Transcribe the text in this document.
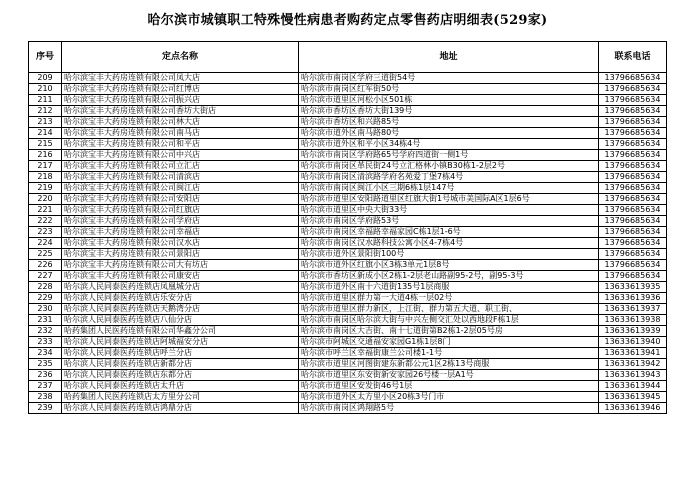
哈尔滨市城镇职工特殊慢性病患者购药定点零售药店明细表(529家)
序号	定点名称	地址	联系电话
209	哈尔滨宝丰大药房连锁有限公司凤大店	哈尔滨市南岗区学府三道街54号	13796685634
210	哈尔滨宝丰大药房连锁有限公司红博店	哈尔滨市南岗区红军街50号	13796685634
211	哈尔滨宝丰大药房连锁有限公司振兴店	哈尔滨市道里区河松小区501栋	13796685634
212	哈尔滨宝丰大药房连锁有限公司香坊大街店	哈尔滨市香坊区香坊大街139号	13796685634
213	哈尔滨宝丰大药房连锁有限公司林大店	哈尔滨市香坊区和兴路85号	13796685634
214	哈尔滨宝丰大药房连锁有限公司南马店	哈尔滨市道外区南马路80号	13796685634
215	哈尔滨宝丰大药房连锁有限公司和平店	哈尔滨市道外区和平小区34栋4号	13796685634
216	哈尔滨宝丰大药房连锁有限公司中兴店	哈尔滨市南岗区学府路65号学府四道街一侧1号	13796685634
217	哈尔滨宝丰大药房连锁有限公司立汇店	哈尔滨市南岗区革民街24号立汇格林小镇B30栋1-2层2号	13796685634
218	哈尔滨宝丰大药房连锁有限公司清滨店	哈尔滨市南岗区清滨路学府名苑爱丁堡7栋4号	13796685634
219	哈尔滨宝丰大药房连锁有限公司闽江店	哈尔滨市南岗区闽江小区三期6栋1层147号	13796685634
220	哈尔滨宝丰大药房连锁有限公司安阳店	哈尔滨市道里区安阳路道里区红旗大街1号城市美国际A区1层6号	13796685634
221	哈尔滨宝丰大药房连锁有限公司红旗店	哈尔滨市道里区中央大街33号	13796685634
222	哈尔滨宝丰大药房连锁有限公司学府店	哈尔滨市南岗区学府路53号	13796685634
223	哈尔滨宝丰大药房连锁有限公司幸福店	哈尔滨市南岗区幸福路幸福家园C栋1层1-6号	13796685634
224	哈尔滨宝丰大药房连锁有限公司汉水店	哈尔滨市南岗区汉水路科技公寓小区4-7栋4号	13796685634
225	哈尔滨宝丰大药房连锁有限公司景阳店	哈尔滨市道外区景阳街100号	13796685634
226	哈尔滨宝丰大药房连锁有限公司大有坊店	哈尔滨市道外区红旗小区3栋3单元1层8号	13796685634
227	哈尔滨宝丰大药房连锁有限公司康安店	哈尔滨市香坊区新成小区2栋1-2层老山路副95-2号，副95-3号	13796685634
228	哈尔滨人民同泰医药连锁店凤凰城分店	哈尔滨市道外区南十六道街135号1层商服	13633613935
229	哈尔滨人民同泰医药连锁店乐安分店	哈尔滨市道里区群力第一大道4栋一层02号	13633613936
230	哈尔滨人民同泰医药连锁店天鹅湾分店	哈尔滨市道里区群力新区，上江街、群力第五大道、职工街、	13633613937
231	哈尔滨人民同泰医药连锁店八仙分店	哈尔滨市南岗区哈尔滨大街与中兴左侧交汇处以西地段F栋1层	13633613938
232	哈药集团人民医药连锁有限公司华鑫分公司	哈尔滨市南岗区大吉街、南十七道街第B2栋1-2层05号房	13633613939
233	哈尔滨人民同泰医药连锁店阿城福安分店	哈尔滨市阿城区交通福安家园G1栋1层8门	13633613940
234	哈尔滨人民同泰医药连锁店呼兰分店	哈尔滨市呼兰区幸福街康兰公司楼1-1号	13633613941
235	哈尔滨人民同泰医药连锁店新都分店	哈尔滨市道里区河图街建东新都公元1区2栋13号商服	13633613942
236	哈尔滨人民同泰医药连锁店东都分店	哈尔滨市道里区东安街新安家园26号楼一层A1号	13633613943
237	哈尔滨人民同泰医药连锁店太升店	哈尔滨市道里区安发街46号1层	13633613944
238	哈药集团人民医药连锁店太方里分公司	哈尔滨市道外区太方里小区20栋3号门市	13633613945
239	哈尔滨人民同泰医药连锁店鸿鼎分店	哈尔滨市南岗区鸿翔路5号	13633613946
